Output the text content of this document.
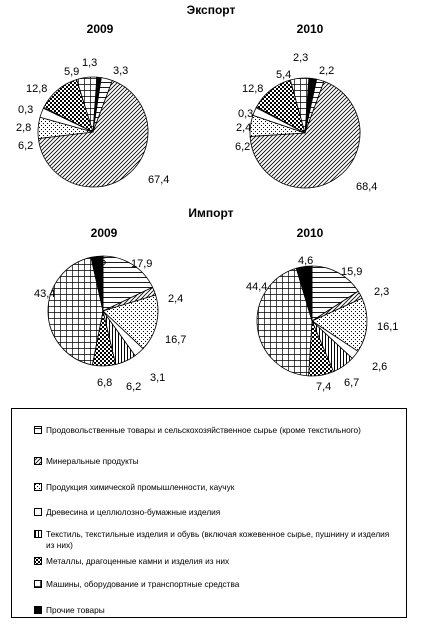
Экспорт
2009	2010
Импорт
2009	2010
3,3
67,4
6,2
2,8
0,3
12,8
5,9
1,3
2,2
68,4
6,2
2,4
0,3
12,8
5,4
2,3
17,9
2,4
16,7
3,1
6,2
6,8
43,4
3,5
15,9
2,3
16,1
2,6
6,7
7,4
44,4
4,6
Продовольственные товары и сельскохозяйственное сырье (кроме текстильного)
Минеральные продукты
Продукция химической промышленности, каучук
Древесина и целлюлозно-бумажные изделия
Текстиль, текстильные изделия и обувь (включая кожевенное сырье, пушнину и изделия из них)
Металлы, драгоценные камни и изделия из них
Машины, оборудование и транспортные средства
Прочие товары
